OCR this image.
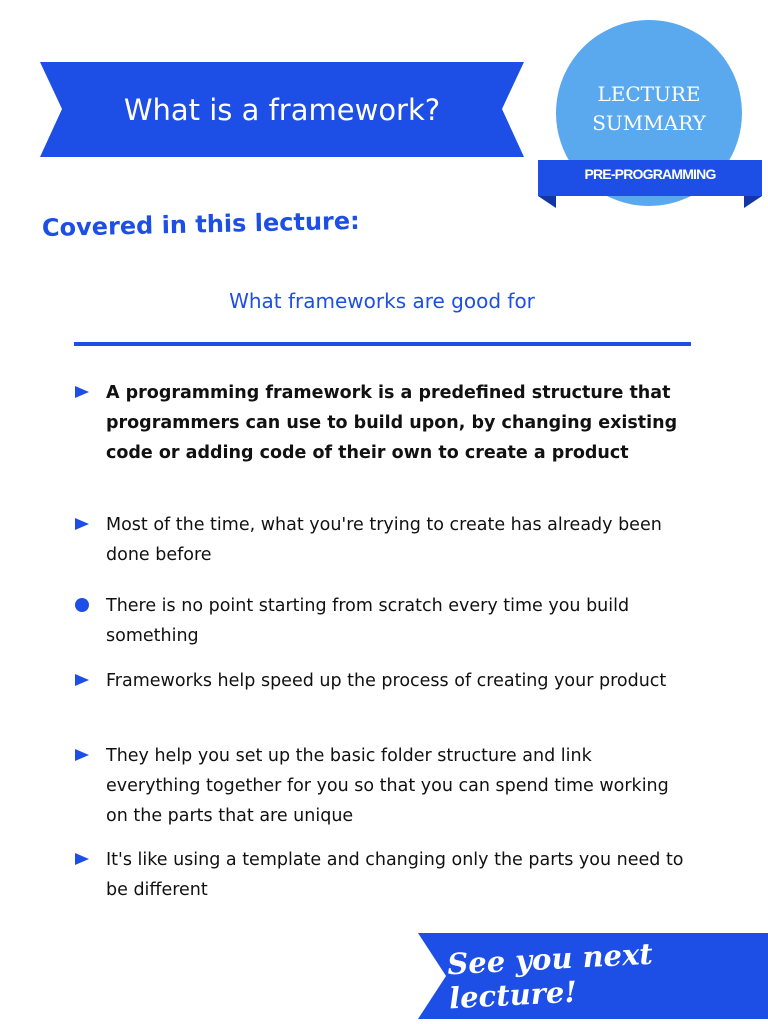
What is a framework?	LECTURE
SUMMARY
PRE-PROGRAMMING
Covered in this lecture:
What frameworks are good for
A programming framework is a predefined structure that programmers can use to build upon, by changing existing code or adding code of their own to create a product
Most of the time, what you're trying to create has already been done before
There is no point starting from scratch every time you build something
Frameworks help speed up the process of creating your product
They help you set up the basic folder structure and link everything together for you so that you can spend time working on the parts that are unique
It's like using a template and changing only the parts you need to be different
See you next lecture!
